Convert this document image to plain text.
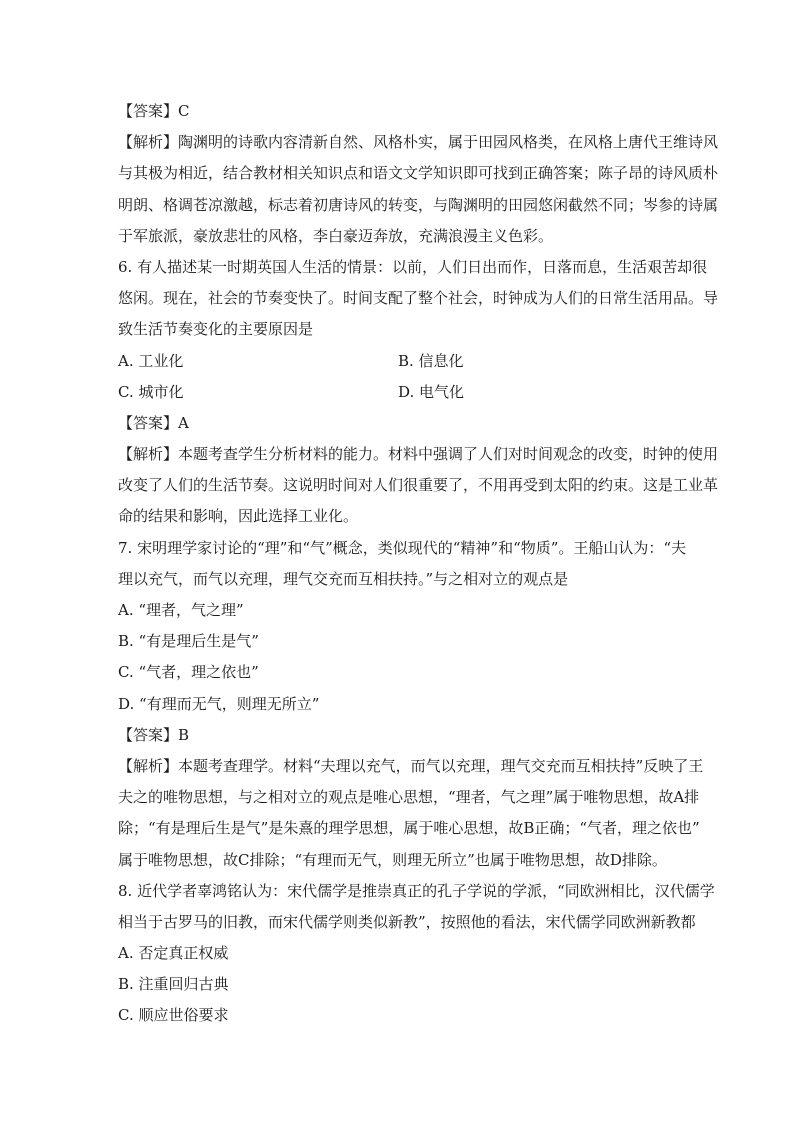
【答案】C
【解析】陶渊明的诗歌内容清新自然、风格朴实，属于田园风格类，在风格上唐代王维诗风
与其极为相近，结合教材相关知识点和语文文学知识即可找到正确答案；陈子昂的诗风质朴
明朗、格调苍凉激越，标志着初唐诗风的转变，与陶渊明的田园悠闲截然不同；岑参的诗属
于军旅派，豪放悲壮的风格，李白豪迈奔放，充满浪漫主义色彩。
6. 有人描述某一时期英国人生活的情景：以前，人们日出而作，日落而息，生活艰苦却很
悠闲。现在，社会的节奏变快了。时间支配了整个社会，时钟成为人们的日常生活用品。导
致生活节奏变化的主要原因是
A. 工业化	B. 信息化
C. 城市化	D. 电气化
【答案】A
【解析】本题考查学生分析材料的能力。材料中强调了人们对时间观念的改变，时钟的使用
改变了人们的生活节奏。这说明时间对人们很重要了，不用再受到太阳的约束。这是工业革
命的结果和影响，因此选择工业化。
7. 宋明理学家讨论的“理”和“气”概念，类似现代的“精神”和“物质”。王船山认为：“夫
理以充气，而气以充理，理气交充而互相扶持。”与之相对立的观点是
A. “理者，气之理”
B. “有是理后生是气”
C. “气者，理之依也”
D. “有理而无气，则理无所立”
【答案】B
【解析】本题考查理学。材料“夫理以充气，而气以充理，理气交充而互相扶持”反映了王
夫之的唯物思想，与之相对立的观点是唯心思想，“理者，气之理”属于唯物思想，故A排
除；“有是理后生是气”是朱熹的理学思想，属于唯心思想，故B正确；“气者，理之依也”
属于唯物思想，故C排除；“有理而无气，则理无所立”也属于唯物思想，故D排除。
8. 近代学者辜鸿铭认为：宋代儒学是推崇真正的孔子学说的学派，“同欧洲相比，汉代儒学
相当于古罗马的旧教，而宋代儒学则类似新教”，按照他的看法，宋代儒学同欧洲新教都
A. 否定真正权威
B. 注重回归古典
C. 顺应世俗要求
